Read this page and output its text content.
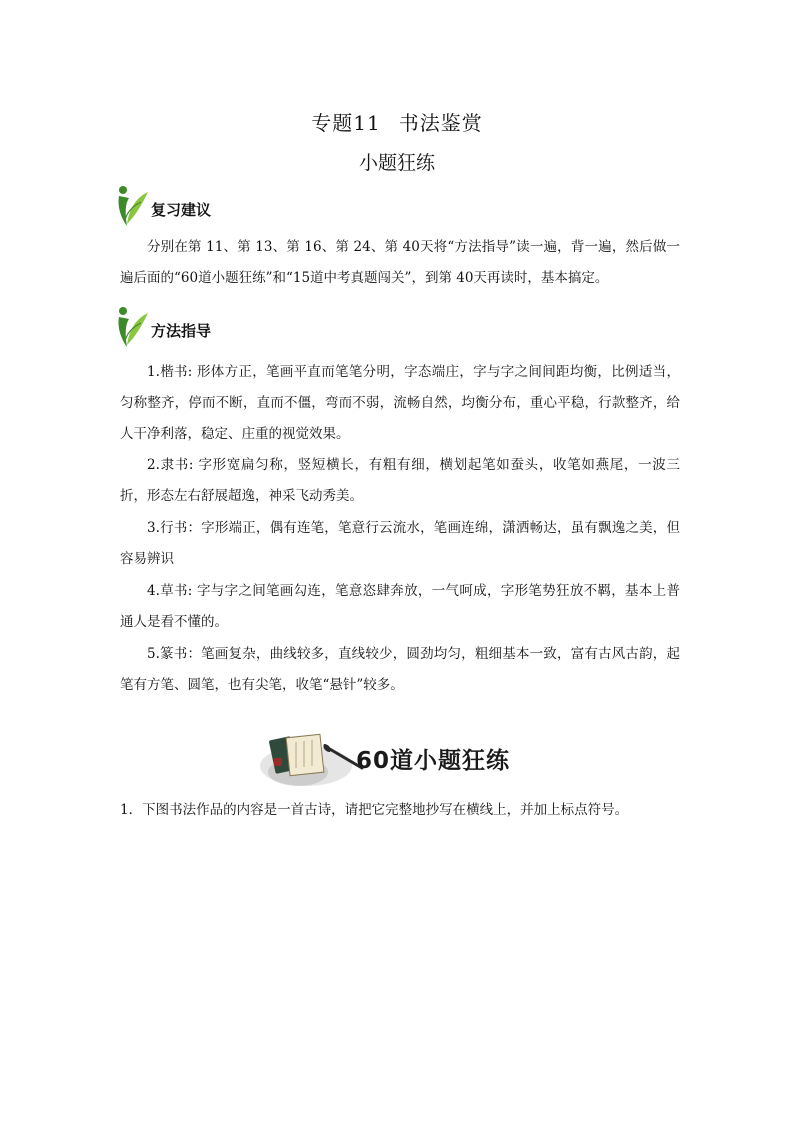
专题11 书法鉴赏
小题狂练
复习建议
分别在第 11、第 13、第 16、第 24、第 40天将“方法指导”读一遍，背一遍，然后做一遍后面的“60道小题狂练”和“15道中考真题闯关”，到第 40天再读时，基本搞定。
方法指导
1.楷书: 形体方正，笔画平直而笔笔分明，字态端庄，字与字之间间距均衡，比例适当，匀称整齐，停而不断，直而不僵，弯而不弱，流畅自然，均衡分布，重心平稳，行款整齐，给人干净利落，稳定、庄重的视觉效果。
2.隶书: 字形宽扁匀称，竖短横长，有粗有细，横划起笔如蚕头，收笔如燕尾，一波三折，形态左右舒展超逸，神采飞动秀美。
3.行书：字形端正，偶有连笔，笔意行云流水，笔画连绵，潇洒畅达，虽有飘逸之美，但容易辨识
4.草书: 字与字之间笔画勾连，笔意恣肆奔放，一气呵成，字形笔势狂放不羁，基本上普通人是看不懂的。
5.篆书：笔画复杂，曲线较多，直线较少，圆劲均匀，粗细基本一致，富有古风古韵，起笔有方笔、圆笔，也有尖笔，收笔“悬针”较多。
60道小题狂练
1．下图书法作品的内容是一首古诗，请把它完整地抄写在横线上，并加上标点符号。
